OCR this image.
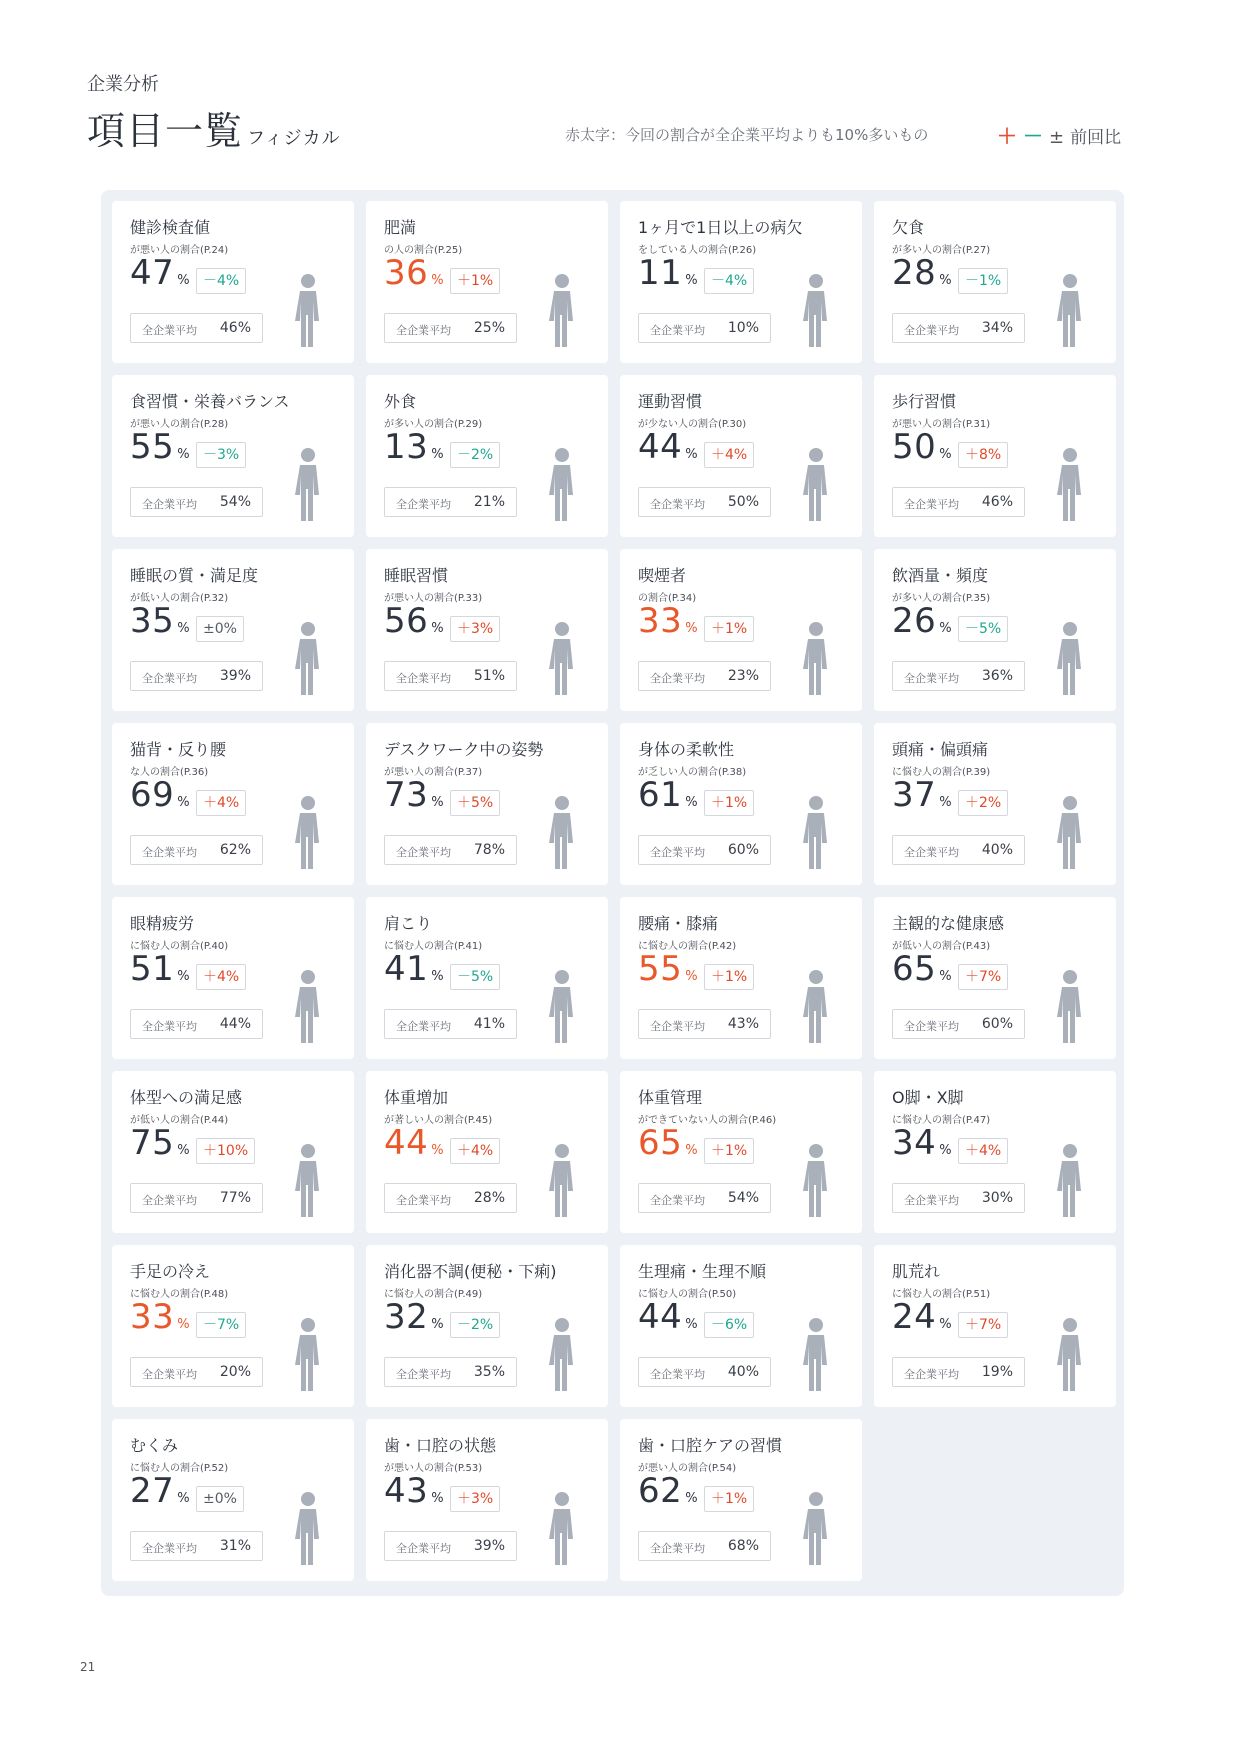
企業分析
項目一覧 フィジカル	赤太字：今回の割合が全企業平均よりも10%多いもの	＋ － ± 前回比
健診検査値
が悪い人の割合(P.24)
47 % －4%
全企業平均 46%
肥満
の人の割合(P.25)
36 % ＋1%
全企業平均 25%
1ヶ月で1日以上の病欠
をしている人の割合(P.26)
11 % －4%
全企業平均 10%
欠食
が多い人の割合(P.27)
28 % －1%
全企業平均 34%
食習慣・栄養バランス
が悪い人の割合(P.28)
55 % －3%
全企業平均 54%
外食
が多い人の割合(P.29)
13 % －2%
全企業平均 21%
運動習慣
が少ない人の割合(P.30)
44 % ＋4%
全企業平均 50%
歩行習慣
が悪い人の割合(P.31)
50 % ＋8%
全企業平均 46%
睡眠の質・満足度
が低い人の割合(P.32)
35 % ±0%
全企業平均 39%
睡眠習慣
が悪い人の割合(P.33)
56 % ＋3%
全企業平均 51%
喫煙者
の割合(P.34)
33 % ＋1%
全企業平均 23%
飲酒量・頻度
が多い人の割合(P.35)
26 % －5%
全企業平均 36%
猫背・反り腰
な人の割合(P.36)
69 % ＋4%
全企業平均 62%
デスクワーク中の姿勢
が悪い人の割合(P.37)
73 % ＋5%
全企業平均 78%
身体の柔軟性
が乏しい人の割合(P.38)
61 % ＋1%
全企業平均 60%
頭痛・偏頭痛
に悩む人の割合(P.39)
37 % ＋2%
全企業平均 40%
眼精疲労
に悩む人の割合(P.40)
51 % ＋4%
全企業平均 44%
肩こり
に悩む人の割合(P.41)
41 % －5%
全企業平均 41%
腰痛・膝痛
に悩む人の割合(P.42)
55 % ＋1%
全企業平均 43%
主観的な健康感
が低い人の割合(P.43)
65 % ＋7%
全企業平均 60%
体型への満足感
が低い人の割合(P.44)
75 % ＋10%
全企業平均 77%
体重増加
が著しい人の割合(P.45)
44 % ＋4%
全企業平均 28%
体重管理
ができていない人の割合(P.46)
65 % ＋1%
全企業平均 54%
O脚・X脚
に悩む人の割合(P.47)
34 % ＋4%
全企業平均 30%
手足の冷え
に悩む人の割合(P.48)
33 % －7%
全企業平均 20%
消化器不調(便秘・下痢)
に悩む人の割合(P.49)
32 % －2%
全企業平均 35%
生理痛・生理不順
に悩む人の割合(P.50)
44 % －6%
全企業平均 40%
肌荒れ
に悩む人の割合(P.51)
24 % ＋7%
全企業平均 19%
むくみ
に悩む人の割合(P.52)
27 % ±0%
全企業平均 31%
歯・口腔の状態
が悪い人の割合(P.53)
43 % ＋3%
全企業平均 39%
歯・口腔ケアの習慣
が悪い人の割合(P.54)
62 % ＋1%
全企業平均 68%
21
